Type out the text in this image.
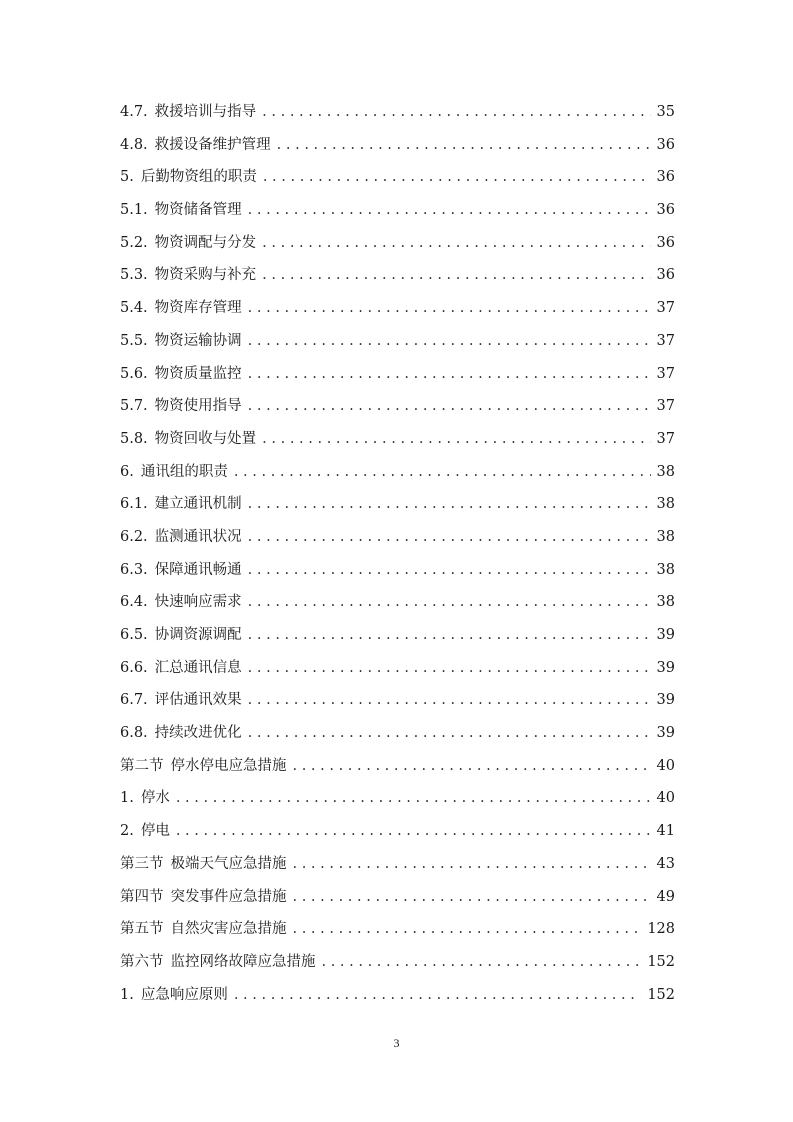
4.7. 救援培训与指导 . . .	35
4.8. 救援设备维护管理 . . .	36
5. 后勤物资组的职责 . . .	36
5.1. 物资储备管理 . . .	36
5.2. 物资调配与分发 . . .	36
5.3. 物资采购与补充 . . .	36
5.4. 物资库存管理 . . .	37
5.5. 物资运输协调 . . .	37
5.6. 物资质量监控 . . .	37
5.7. 物资使用指导 . . .	37
5.8. 物资回收与处置 . . .	37
6. 通讯组的职责 . . .	38
6.1. 建立通讯机制 . . .	38
6.2. 监测通讯状况 . . .	38
6.3. 保障通讯畅通 . . .	38
6.4. 快速响应需求 . . .	38
6.5. 协调资源调配 . . .	39
6.6. 汇总通讯信息 . . .	39
6.7. 评估通讯效果 . . .	39
6.8. 持续改进优化 . . .	39
第二节 停水停电应急措施 . . .	40
1. 停水 . . .	40
2. 停电 . . .	41
第三节 极端天气应急措施 . . .	43
第四节 突发事件应急措施 . . .	49
第五节 自然灾害应急措施 . . .	128
第六节 监控网络故障应急措施 . . .	152
1. 应急响应原则 . . .	152
3
